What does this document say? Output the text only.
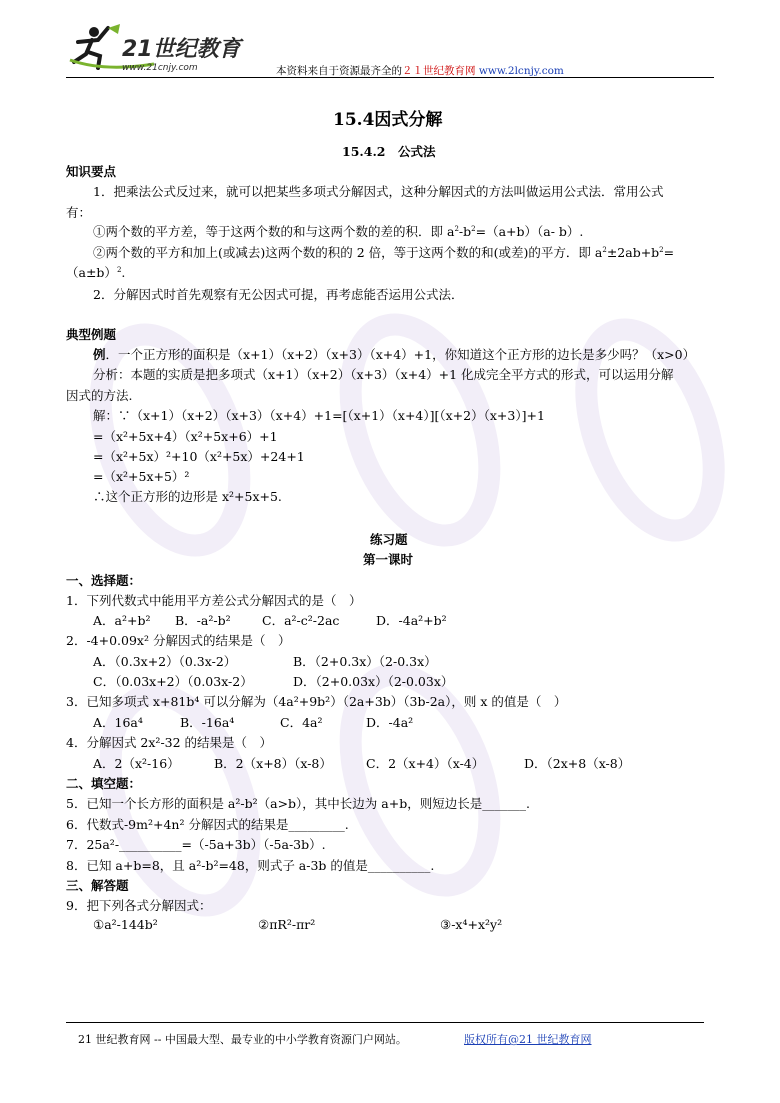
21世纪教育
www.21cnjy.com	本资料来自于资源最齐全的２１世纪教育网 www.2lcnjy.com
15.4因式分解
15.4.2　公式法
知识要点
1．把乘法公式反过来，就可以把某些多项式分解因式，这种分解因式的方法叫做运用公式法．常用公式
有：
①两个数的平方差，等于这两个数的和与这两个数的差的积．即 $a^2-b^2=(a+b)(a-$ b）.
②两个数的平方和加上(或减去)这两个数的积的 2 倍，等于这两个数的和(或差)的平方．即 $a^2\pm 2ab+b^2=$
$(a\pm b)^2$.
2．分解因式时首先观察有无公因式可提，再考虑能否运用公式法．
典型例题
例．一个正方形的面积是（x+1）（x+2）（x+3）（x+4）+1，你知道这个正方形的边长是多少吗？（x>0）
分析：本题的实质是把多项式（x+1）（x+2）（x+3）（x+4）+1 化成完全平方式的形式，可以运用分解
因式的方法.
解：∵（x+1）（x+2）（x+3）（x+4）+1=[（x+1）（x+4）][（x+2）（x+3）]+1
=（x²+5x+4）（x²+5x+6）+1
=（x²+5x）²+10（x²+5x）+24+1
=（x²+5x+5）²
∴这个正方形的边形是 x²+5x+5.
练习题
第一课时
一、选择题：
1．下列代数式中能用平方差公式分解因式的是（　）
A．a²+b² B．-a²-b²	C．a²-c²-2ac	D．-4a²+b²
2．-4+0.09x² 分解因式的结果是（　）
A．（0.3x+2）（0.3x-2）	B．（2+0.3x）（2-0.3x）
C．（0.03x+2）（0.03x-2）	D．（2+0.03x）（2-0.03x）
3．已知多项式 x+81b⁴ 可以分解为（4a²+9b²）（2a+3b）（3b-2a），则 x 的值是（　）
A．16a⁴	B．-16a⁴	C．4a²	D．-4a²
4．分解因式 2x²-32 的结果是（　）
A．2（x²-16）	B．2（x+8）（x-8）	C．2（x+4）（x-4）	D．（2x+8（x-8）
二、填空题：
5．已知一个长方形的面积是 a²-b²（a>b），其中长边为 a+b，则短边长是_______.
6．代数式-9m²+4n² 分解因式的结果是_________.
7．25a²-__________=（-5a+3b）（-5a-3b）.
8．已知 a+b=8，且 a²-b²=48，则式子 a-3b 的值是__________.
三、解答题
9．把下列各式分解因式：
①a²-144b²	②πR²-πr²	③-x⁴+x²y²
21 世纪教育网 -- 中国最大型、最专业的中小学教育资源门户网站。	版权所有@21 世纪教育网
